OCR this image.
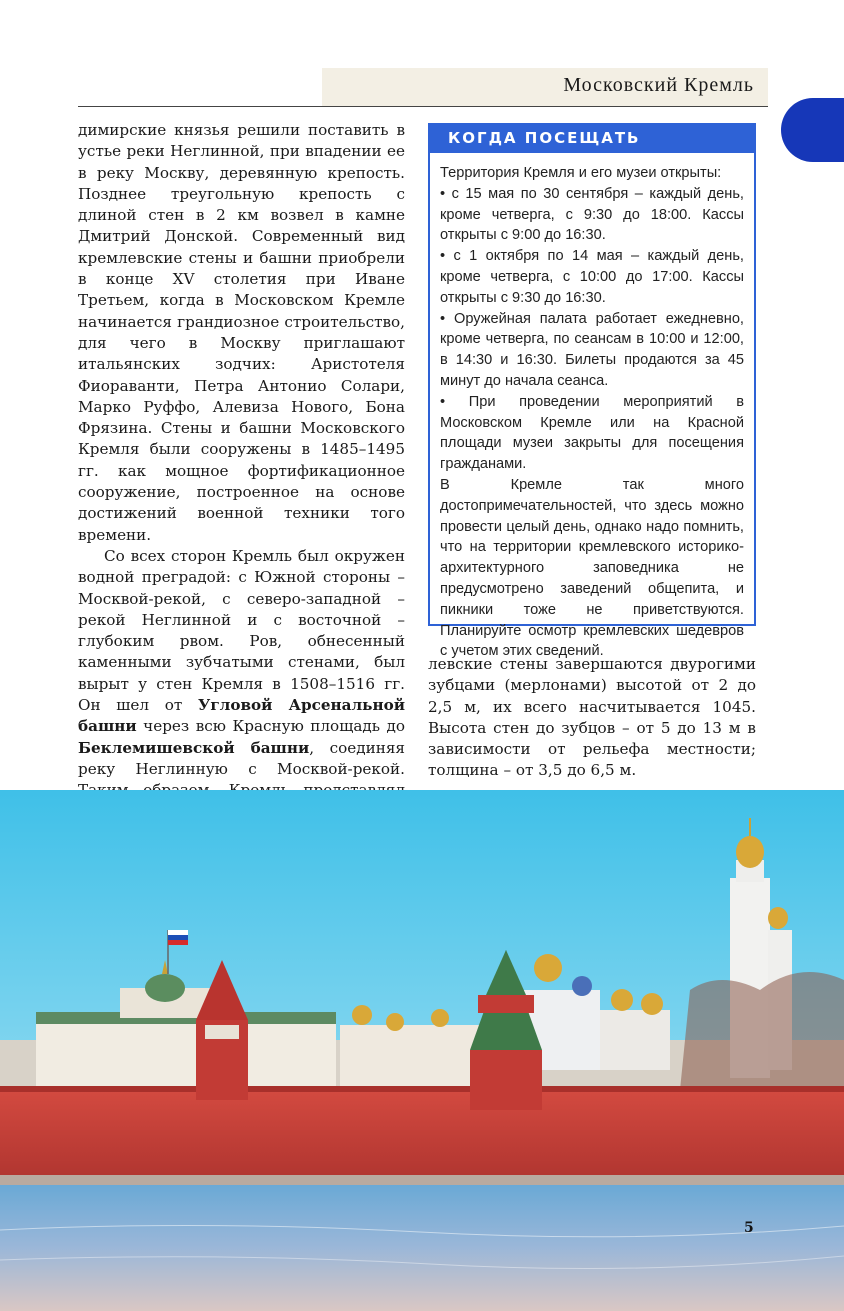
Московский Кремль

димирские князья решили поставить в устье реки Неглинной, при впадении ее в реку Москву, деревянную крепость. Позднее треугольную крепость с длиной стен в 2 км возвел в камне Дмитрий Донской. Современный вид кремлевские стены и башни приобрели в конце XV столетия при Иване Третьем, когда в Московском Кремле начинается грандиозное строительство, для чего в Москву приглашают итальянских зодчих: Аристотеля Фиораванти, Петра Антонио Солари, Марко Руффо, Алевиза Нового, Бона Фрязина. Стены и башни Московского Кремля были сооружены в 1485–1495 гг. как мощное фортификационное сооружение, построенное на основе достижений военной техники того времени.

Со всех сторон Кремль был окружен водной преградой: с Южной стороны – Москвой-рекой, с северо-западной – рекой Неглинной и с восточной – глубоким рвом. Ров, обнесенный каменными зубчатыми стенами, был вырыт у стен Кремля в 1508–1516 гг. Он шел от Угловой Арсенальной башни через всю Красную площадь до Беклемишевской башни, соединяя реку Неглинную с Москвой-рекой.

КОГДА ПОСЕЩАТЬ

Территория Кремля и его музеи открыты:

• с 15 мая по 30 сентября – каждый день, кроме четверга, с 9:30 до 18:00. Кассы открыты с 9:00 до 16:30.

• с 1 октября по 14 мая – каждый день, кроме четверга, с 10:00 до 17:00. Кассы открыты с 9:30 до 16:30.

• Оружейная палата работает ежедневно, кроме четверга, по сеансам в 10:00 и 12:00, в 14:30 и 16:30. Билеты продаются за 45 минут до начала сеанса.

• При проведении мероприятий в Московском Кремле или на Красной площади музеи закрыты для посещения гражданами.

В Кремле так много достопримечательностей, что здесь можно провести целый день, однако надо помнить, что на территории кремлевского историко-архитектурного заповедника не предусмотрено заведений общепита, и пикники тоже не приветствуются. Планируйте осмотр кремлевских шедевров с учетом этих сведений.

левские стены завершаются двурогими зубцами (мерлонами) высотой от 2 до 2,5 м, их всего насчитывается 1045. Высота стен до зубцов – от 5 до 13 м в зависимости от рельефа местности; толщина – от 3,5 до 6,5 м.

5
